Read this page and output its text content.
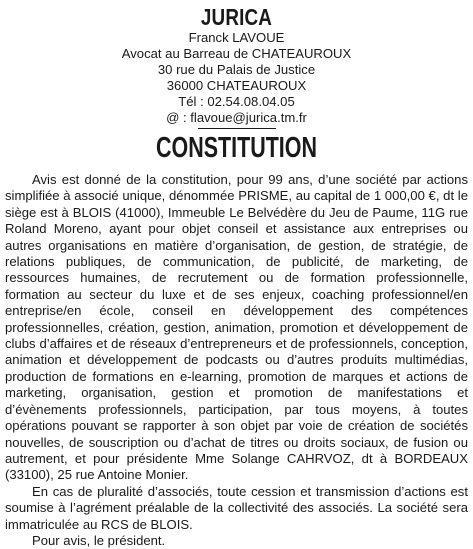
JURICA
Franck LAVOUE
Avocat au Barreau de CHATEAUROUX
30 rue du Palais de Justice
36000 CHATEAUROUX
Tél : 02.54.08.04.05
@ : flavoue@jurica.tm.fr
CONSTITUTION

Avis est donné de la constitution, pour 99 ans, d’une société par actions simplifiée à associé unique, dénommée PRISME, au capital de 1 000,00 €, dt le siège est à BLOIS (41000), Immeuble Le Belvédère du Jeu de Paume, 11G rue Roland Moreno, ayant pour objet conseil et assistance aux entreprises ou autres organisations en matière d’organisation, de gestion, de stratégie, de relations publiques, de communication, de publicité, de marketing, de ressources humaines, de recrutement ou de formation professionnelle, formation au secteur du luxe et de ses enjeux, coaching professionnel/en entreprise/en école, conseil en développement des compétences professionnelles, création, gestion, animation, promotion et développement de clubs d’affaires et de réseaux d’entrepreneurs et de professionnels, conception, animation et développement de podcasts ou d’autres produits multimédias, production de formations en e-learning, promotion de marques et actions de marketing, organisation, gestion et promotion de manifestations et d’évènements professionnels, participation, par tous moyens, à toutes opérations pouvant se rapporter à son objet par voie de création de sociétés nouvelles, de souscription ou d’achat de titres ou droits sociaux, de fusion ou autrement, et pour présidente Mme Solange CAHRVOZ, dt à BORDEAUX (33100), 25 rue Antoine Monier.

En cas de pluralité d’associés, toute cession et transmission d’actions est soumise à l’agrément préalable de la collectivité des associés. La société sera immatriculée au RCS de BLOIS.

Pour avis, le président.
